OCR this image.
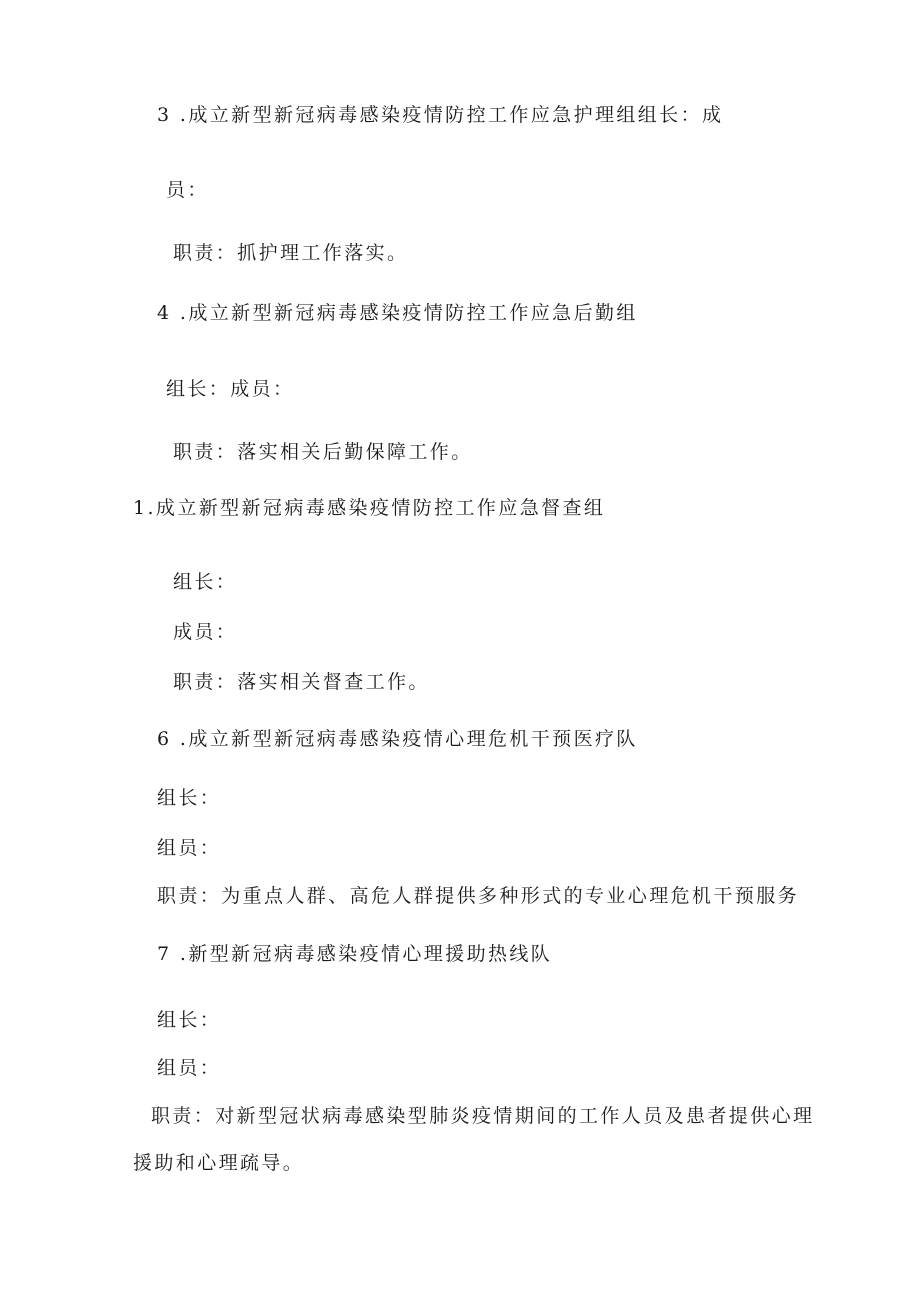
3 .成立新型新冠病毒感染疫情防控工作应急护理组组长：成
员：
职责：抓护理工作落实。
4 .成立新型新冠病毒感染疫情防控工作应急后勤组
组长：成员：
职责：落实相关后勤保障工作。
1.成立新型新冠病毒感染疫情防控工作应急督查组
组长：
成员：
职责：落实相关督查工作。
6 .成立新型新冠病毒感染疫情心理危机干预医疗队
组长：
组员：
职责：为重点人群、高危人群提供多种形式的专业心理危机干预服务
7 .新型新冠病毒感染疫情心理援助热线队
组长：
组员：
职责：对新型冠状病毒感染型肺炎疫情期间的工作人员及患者提供心理
援助和心理疏导。
